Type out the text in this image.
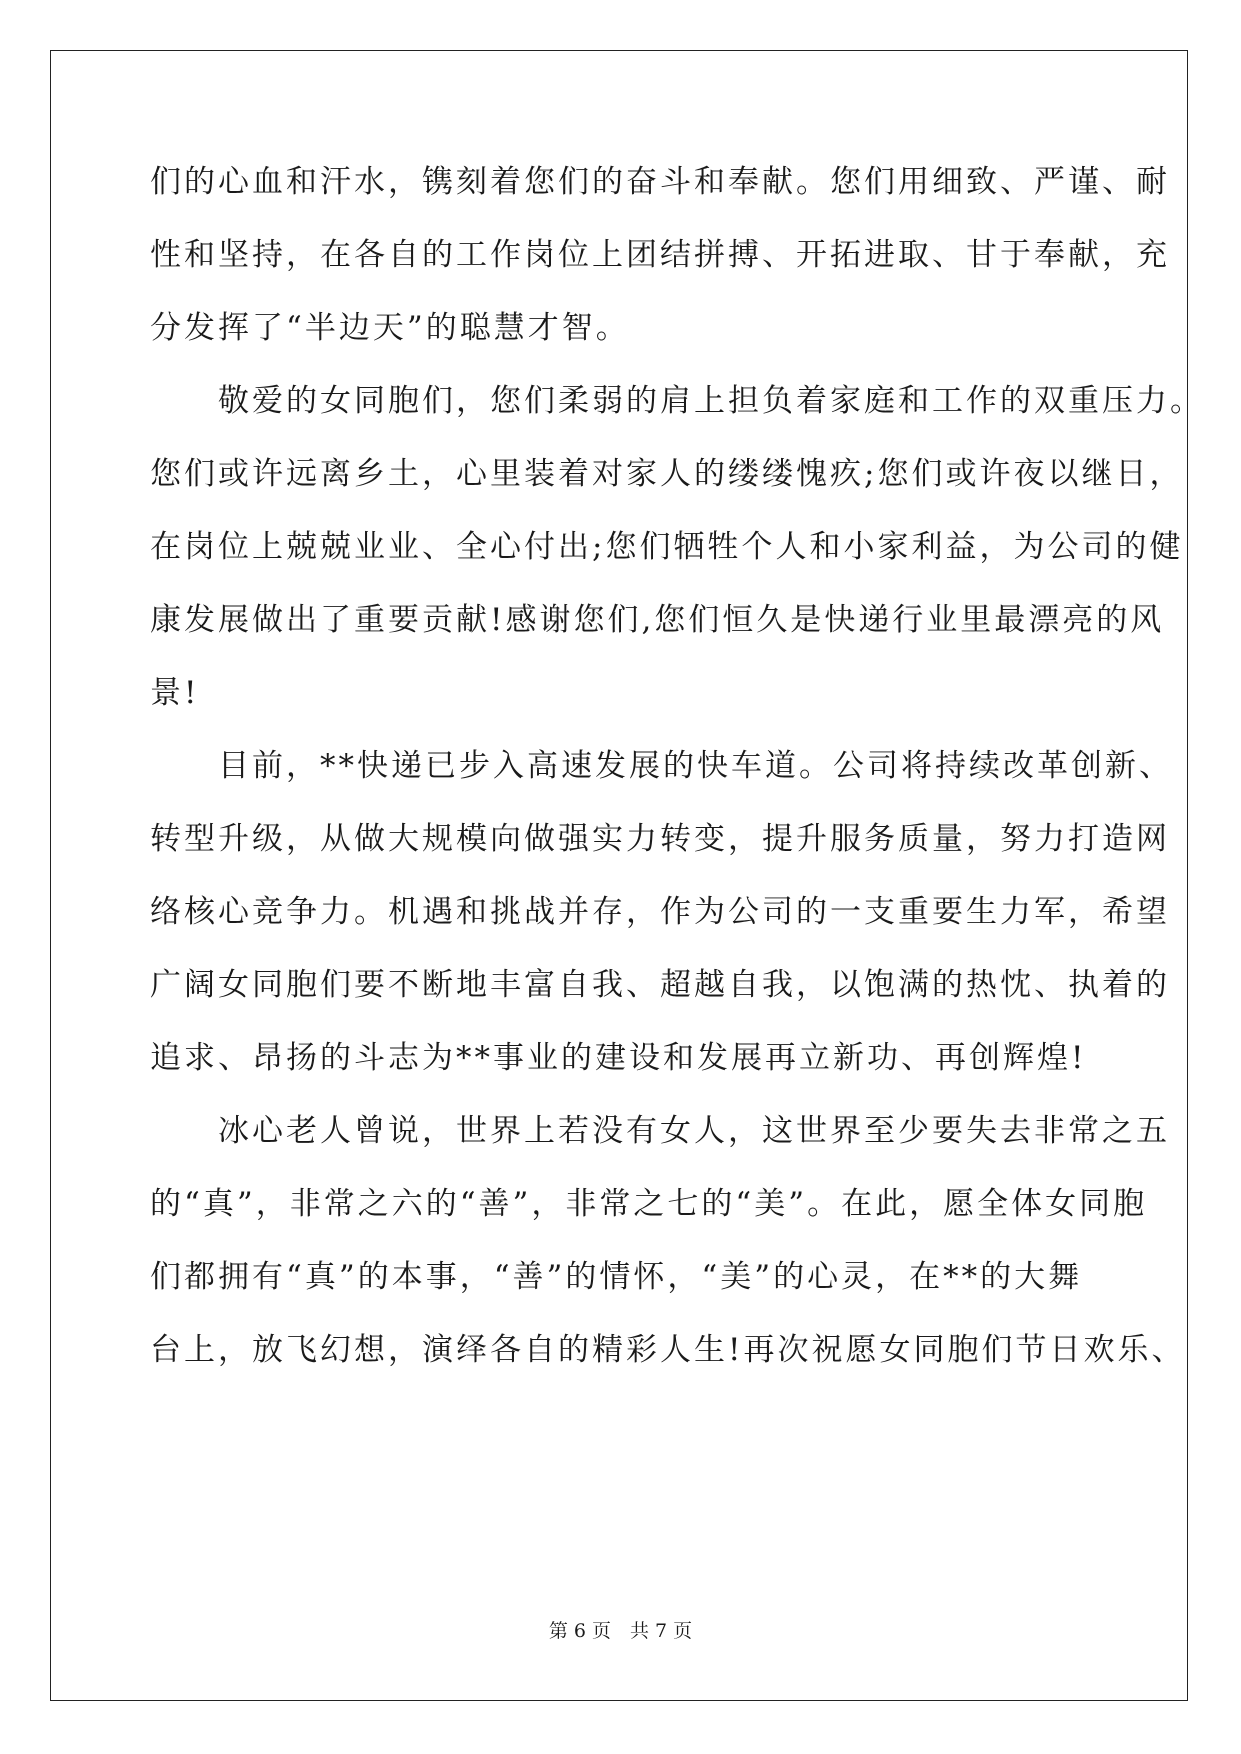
们的心血和汗水，镌刻着您们的奋斗和奉献。您们用细致、严谨、耐
性和坚持，在各自的工作岗位上团结拼搏、开拓进取、甘于奉献，充
分发挥了“半边天”的聪慧才智。
　　敬爱的女同胞们，您们柔弱的肩上担负着家庭和工作的双重压力。
您们或许远离乡土，心里装着对家人的缕缕愧疚;您们或许夜以继日，
在岗位上兢兢业业、全心付出;您们牺牲个人和小家利益，为公司的健
康发展做出了重要贡献!感谢您们,您们恒久是快递行业里最漂亮的风
景!
　　目前，**快递已步入高速发展的快车道。公司将持续改革创新、
转型升级，从做大规模向做强实力转变，提升服务质量，努力打造网
络核心竞争力。机遇和挑战并存，作为公司的一支重要生力军，希望
广阔女同胞们要不断地丰富自我、超越自我，以饱满的热忱、执着的
追求、昂扬的斗志为**事业的建设和发展再立新功、再创辉煌!
　　冰心老人曾说，世界上若没有女人，这世界至少要失去非常之五
的“真”，非常之六的“善”，非常之七的“美”。在此，愿全体女同胞
们都拥有“真”的本事，“善”的情怀，“美”的心灵，在**的大舞
台上，放飞幻想，演绎各自的精彩人生!再次祝愿女同胞们节日欢乐、
第 6 页　共 7 页
